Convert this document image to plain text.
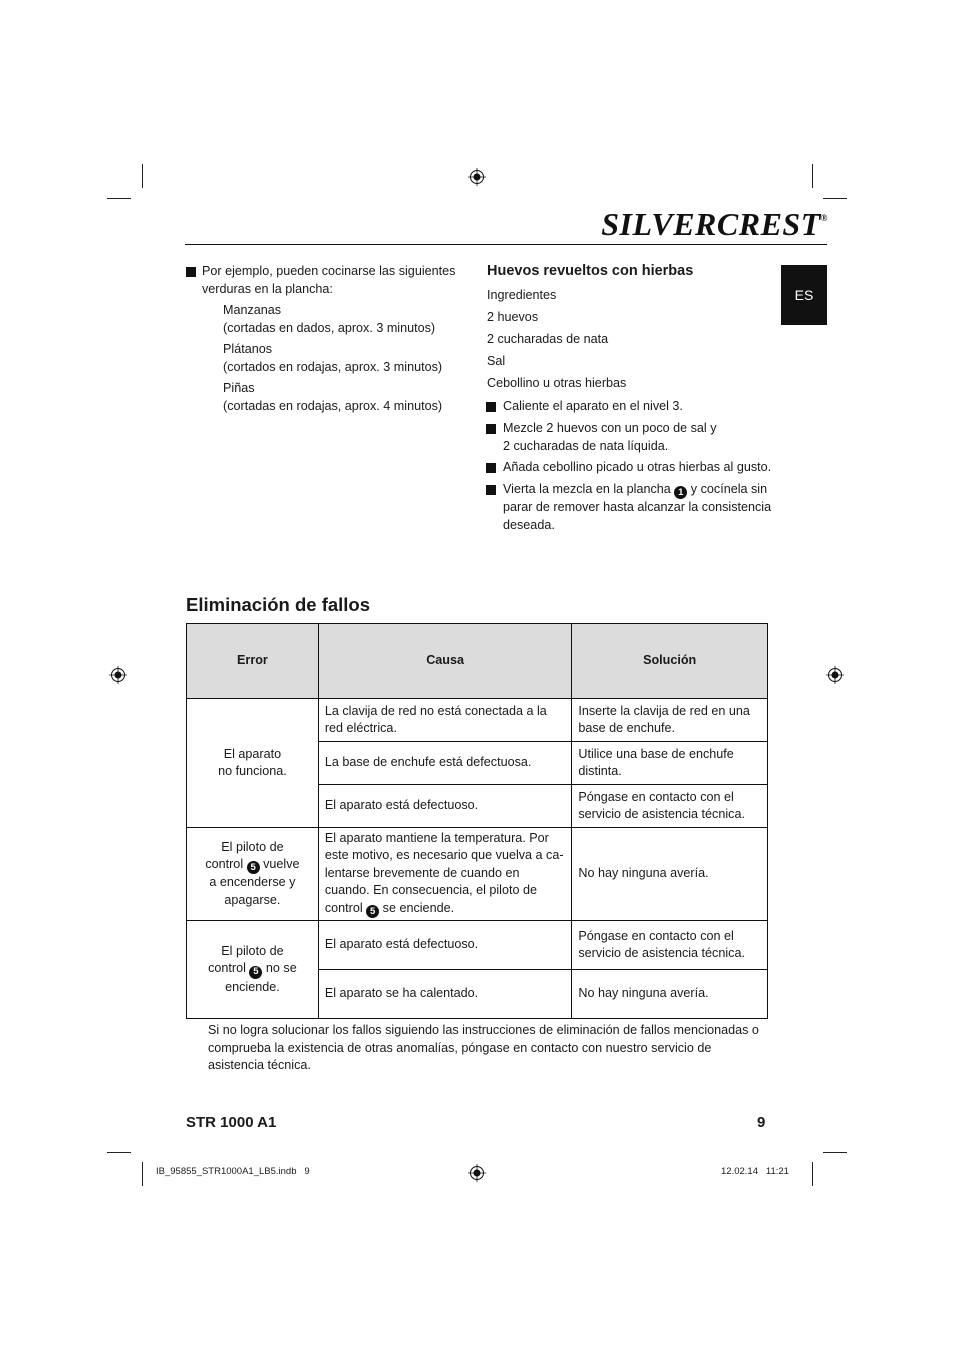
SILVERCREST®
ES
Por ejemplo, pueden cocinarse las siguientes
verduras en la plancha:
Manzanas
(cortadas en dados, aprox. 3 minutos)
Plátanos
(cortados en rodajas, aprox. 3 minutos)
Piñas
(cortadas en rodajas, aprox. 4 minutos)
Huevos revueltos con hierbas
Ingredientes
2 huevos
2 cucharadas de nata
Sal
Cebollino u otras hierbas
Caliente el aparato en el nivel 3.
Mezcle 2 huevos con un poco de sal y
2 cucharadas de nata líquida.
Añada cebollino picado u otras hierbas al gusto.
Vierta la mezcla en la plancha 1 y cocínela sin
parar de remover hasta alcanzar la consistencia
deseada.
Eliminación de fallos
Error	Causa	Solución

El aparato
no funciona.	La clavija de red no está conectada a la red eléctrica.	Inserte la clavija de red en una base de enchufe.
	La base de enchufe está defectuosa.	Utilice una base de enchufe distinta.
	El aparato está defectuoso.	Póngase en contacto con el servicio de asistencia técnica.

El piloto de
control 5 vuelve
a encenderse y
apagarse.	El aparato mantiene la temperatura. Por este motivo, es necesario que vuelva a ca-lentarse brevemente de cuando en cuando. En consecuencia, el piloto de control 5 se enciende.	No hay ninguna avería.

El piloto de
control 5 no se
enciende.	El aparato está defectuoso.	Póngase en contacto con el servicio de asistencia técnica.
	El aparato se ha calentado.	No hay ninguna avería.
Si no logra solucionar los fallos siguiendo las instrucciones de eliminación de fallos mencionadas o comprueba la existencia de otras anomalías, póngase en contacto con nuestro servicio de asistencia técnica.
STR 1000 A1	9
IB_95855_STR1000A1_LB5.indb   9	12.02.14   11:21
